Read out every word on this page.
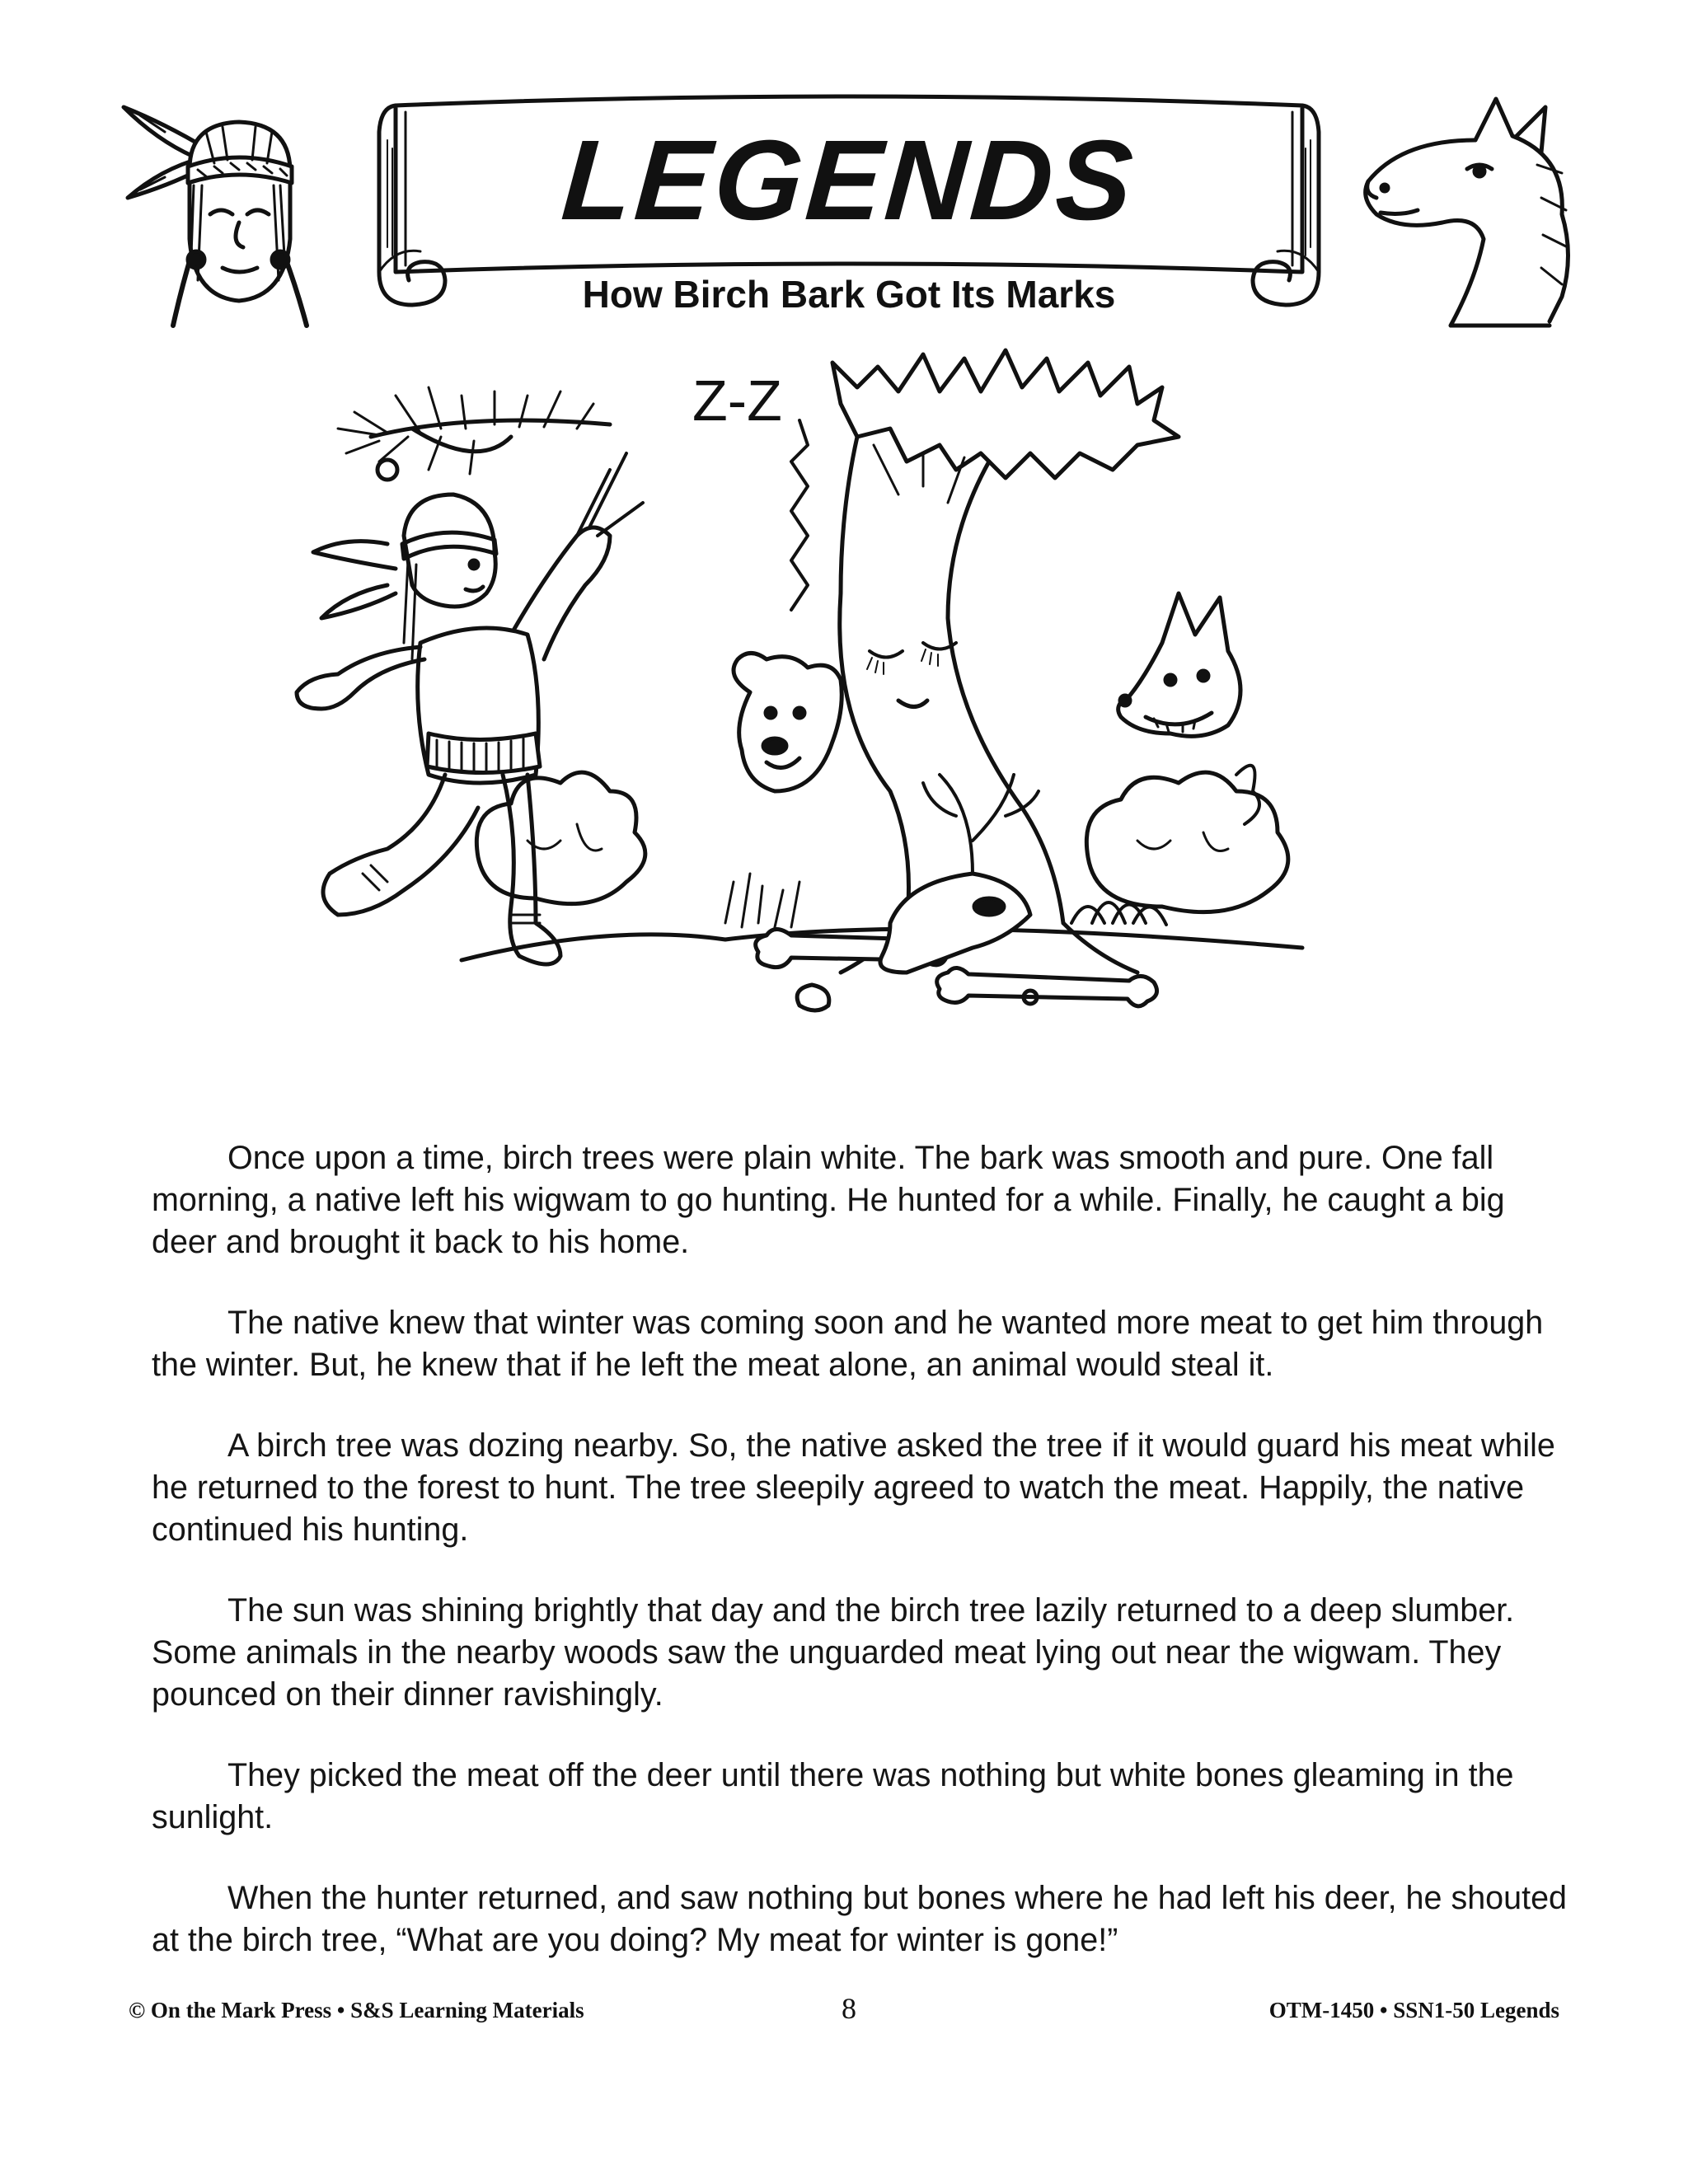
LEGENDS
How Birch Bark Got Its Marks
Z-Z

Once upon a time, birch trees were plain white. The bark was smooth and pure. One fall morning, a native left his wigwam to go hunting. He hunted for a while. Finally, he caught a big deer and brought it back to his home.

The native knew that winter was coming soon and he wanted more meat to get him through the winter. But, he knew that if he left the meat alone, an animal would steal it.

A birch tree was dozing nearby. So, the native asked the tree if it would guard his meat while he returned to the forest to hunt. The tree sleepily agreed to watch the meat. Happily, the native continued his hunting.

The sun was shining brightly that day and the birch tree lazily returned to a deep slumber. Some animals in the nearby woods saw the unguarded meat lying out near the wigwam. They pounced on their dinner ravishingly.

They picked the meat off the deer until there was nothing but white bones gleaming in the sunlight.

When the hunter returned, and saw nothing but bones where he had left his deer, he shouted at the birch tree, “What are you doing? My meat for winter is gone!”

© On the Mark Press • S&S Learning Materials	8	OTM-1450 • SSN1-50 Legends
